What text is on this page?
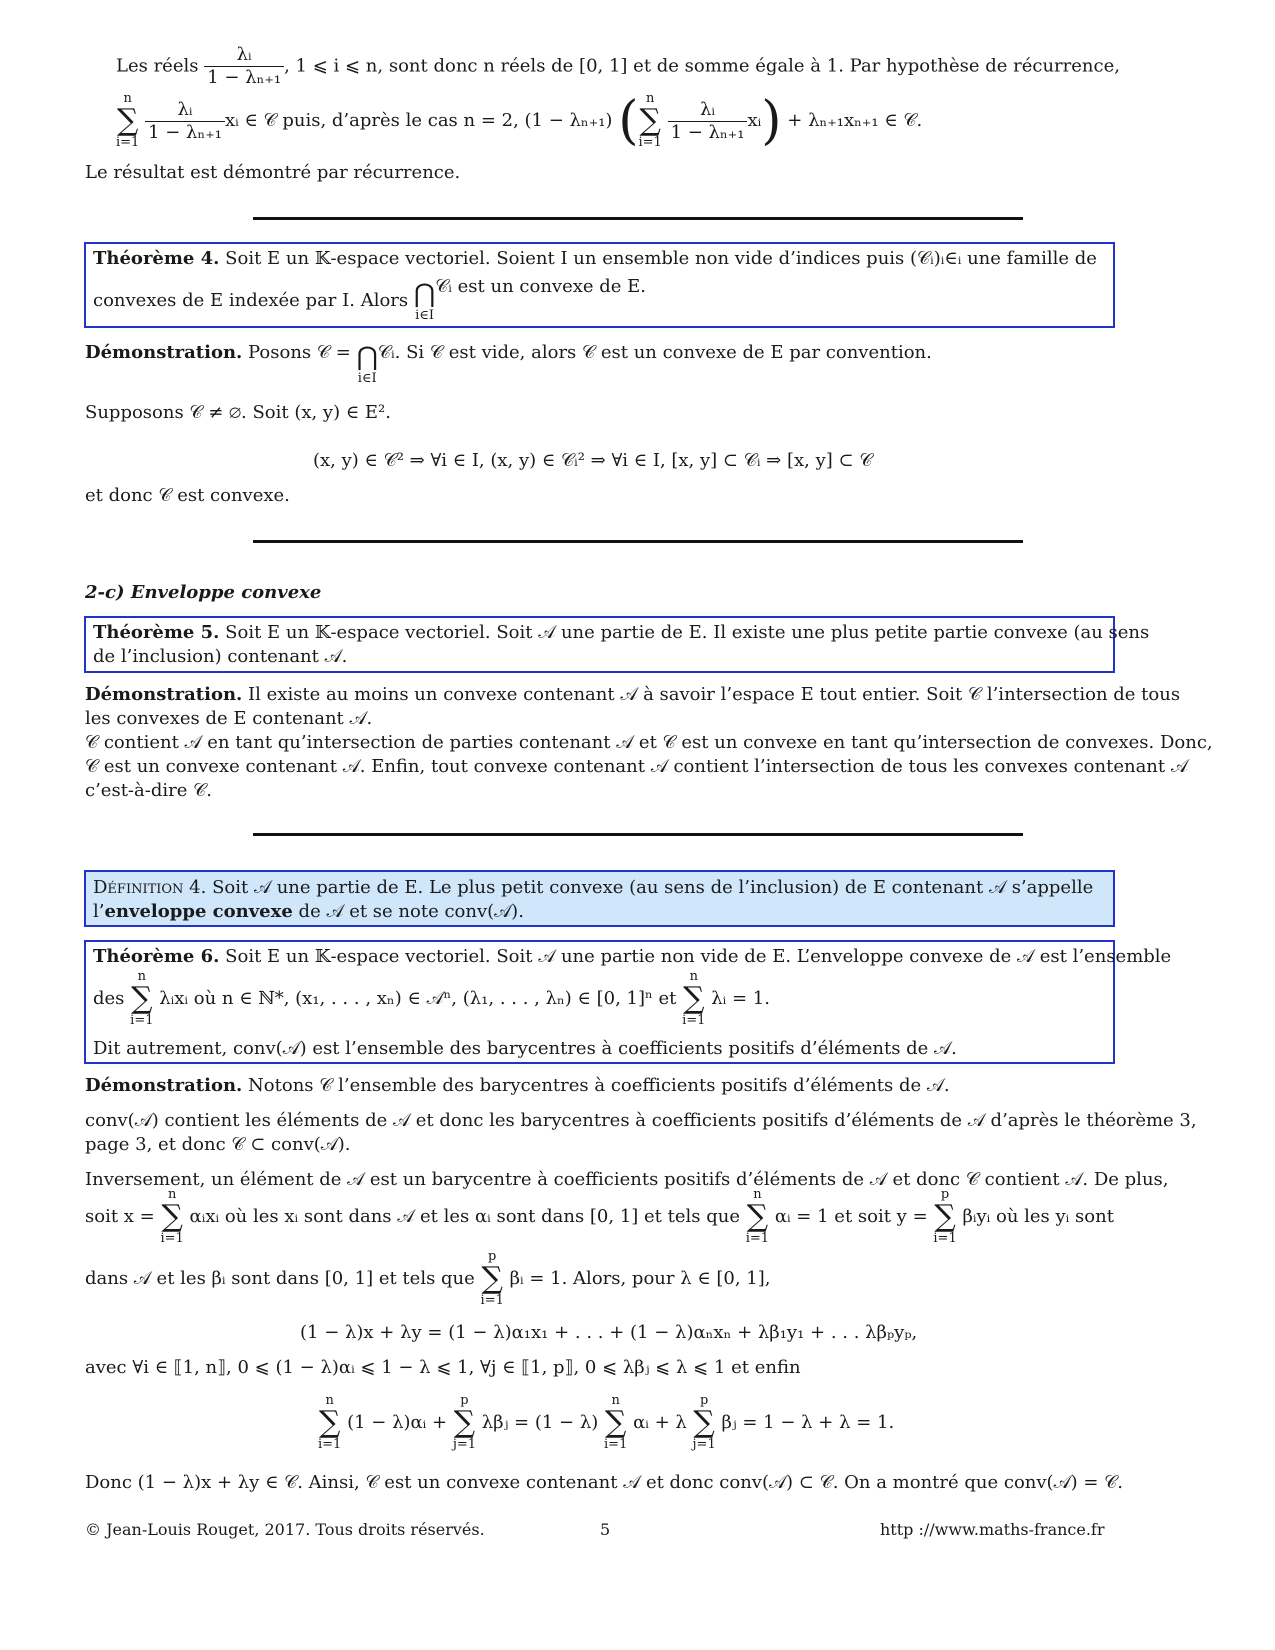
Les réels $\frac{\text{λᵢ}}{\text{1 − λₙ₊₁}}$ , 1 ⩽ i ⩽ n, sont donc n réels de [0, 1] et de somme égale à 1. Par hypothèse de récurrence,
n
∑
i=1
$\frac{\text{λᵢ}}{\text{1 − λₙ₊₁}}$ xᵢ ∈ 𝒞 puis, d’après le cas n = 2, (1 − λₙ₊₁) ( n
∑
i=1
$\frac{\text{λᵢ}}{\text{1 − λₙ₊₁}}$ xᵢ) + λₙ₊₁xₙ₊₁ ∈ 𝒞.
Le résultat est démontré par récurrence.
Théorème 4. Soit E un 𝕂-espace vectoriel. Soient I un ensemble non vide d’indices puis (𝒞ᵢ)ᵢ∈ᵢ une famille de
convexes de E indexée par I. Alors ⋂
i∈I
𝒞ᵢ est un convexe de E.
Démonstration. Posons 𝒞 = ⋂
i∈I
𝒞ᵢ. Si 𝒞 est vide, alors 𝒞 est un convexe de E par convention.
Supposons 𝒞 ≠ ∅. Soit (x, y) ∈ E².
(x, y) ∈ 𝒞² ⇒ ∀i ∈ I, (x, y) ∈ 𝒞ᵢ² ⇒ ∀i ∈ I, [x, y] ⊂ 𝒞ᵢ ⇒ [x, y] ⊂ 𝒞
et donc 𝒞 est convexe.
2-c) Enveloppe convexe
Théorème 5. Soit E un 𝕂-espace vectoriel. Soit 𝒜 une partie de E. Il existe une plus petite partie convexe (au sens
de l’inclusion) contenant 𝒜.
Démonstration. Il existe au moins un convexe contenant 𝒜 à savoir l’espace E tout entier. Soit 𝒞 l’intersection de tous
les convexes de E contenant 𝒜.
𝒞 contient 𝒜 en tant qu’intersection de parties contenant 𝒜 et 𝒞 est un convexe en tant qu’intersection de convexes. Donc,
𝒞 est un convexe contenant 𝒜. Enfin, tout convexe contenant 𝒜 contient l’intersection de tous les convexes contenant 𝒜
c’est-à-dire 𝒞.
Définition 4. Soit 𝒜 une partie de E. Le plus petit convexe (au sens de l’inclusion) de E contenant 𝒜 s’appelle
l’enveloppe convexe de 𝒜 et se note conv(𝒜).
Théorème 6. Soit E un 𝕂-espace vectoriel. Soit 𝒜 une partie non vide de E. L’enveloppe convexe de 𝒜 est l’ensemble
des
n
∑
i=1
λᵢxᵢ où n ∈ ℕ*, (x₁, . . . , xₙ) ∈ 𝒜ⁿ, (λ₁, . . . , λₙ) ∈ [0, 1]ⁿ et
n
∑
i=1
λᵢ = 1.
Dit autrement, conv(𝒜) est l’ensemble des barycentres à coefficients positifs d’éléments de 𝒜.
Démonstration. Notons 𝒞 l’ensemble des barycentres à coefficients positifs d’éléments de 𝒜.
conv(𝒜) contient les éléments de 𝒜 et donc les barycentres à coefficients positifs d’éléments de 𝒜 d’après le théorème 3,
page 3, et donc 𝒞 ⊂ conv(𝒜).
Inversement, un élément de 𝒜 est un barycentre à coefficients positifs d’éléments de 𝒜 et donc 𝒞 contient 𝒜. De plus,
soit x =
n
∑
i=1
αᵢxᵢ où les xᵢ sont dans 𝒜 et les αᵢ sont dans [0, 1] et tels que
n
∑
i=1
αᵢ = 1 et soit y =
p
∑
i=1
βᵢyᵢ où les yᵢ sont
dans 𝒜 et les βᵢ sont dans [0, 1] et tels que
p
∑
i=1
βᵢ = 1. Alors, pour λ ∈ [0, 1],
(1 − λ)x + λy = (1 − λ)α₁x₁ + . . . + (1 − λ)αₙxₙ + λβ₁y₁ + . . . λβₚyₚ,
avec ∀i ∈ ⟦1, n⟧, 0 ⩽ (1 − λ)αᵢ ⩽ 1 − λ ⩽ 1, ∀j ∈ ⟦1, p⟧, 0 ⩽ λβⱼ ⩽ λ ⩽ 1 et enfin
n
∑
i=1
(1 − λ)αᵢ +
p
∑
j=1
λβⱼ = (1 − λ)
n
∑
i=1
αᵢ + λ
p
∑
j=1
βⱼ = 1 − λ + λ = 1.
Donc (1 − λ)x + λy ∈ 𝒞. Ainsi, 𝒞 est un convexe contenant 𝒜 et donc conv(𝒜) ⊂ 𝒞. On a montré que conv(𝒜) = 𝒞.
© Jean-Louis Rouget, 2017. Tous droits réservés.	5	http ://www.maths-france.fr
